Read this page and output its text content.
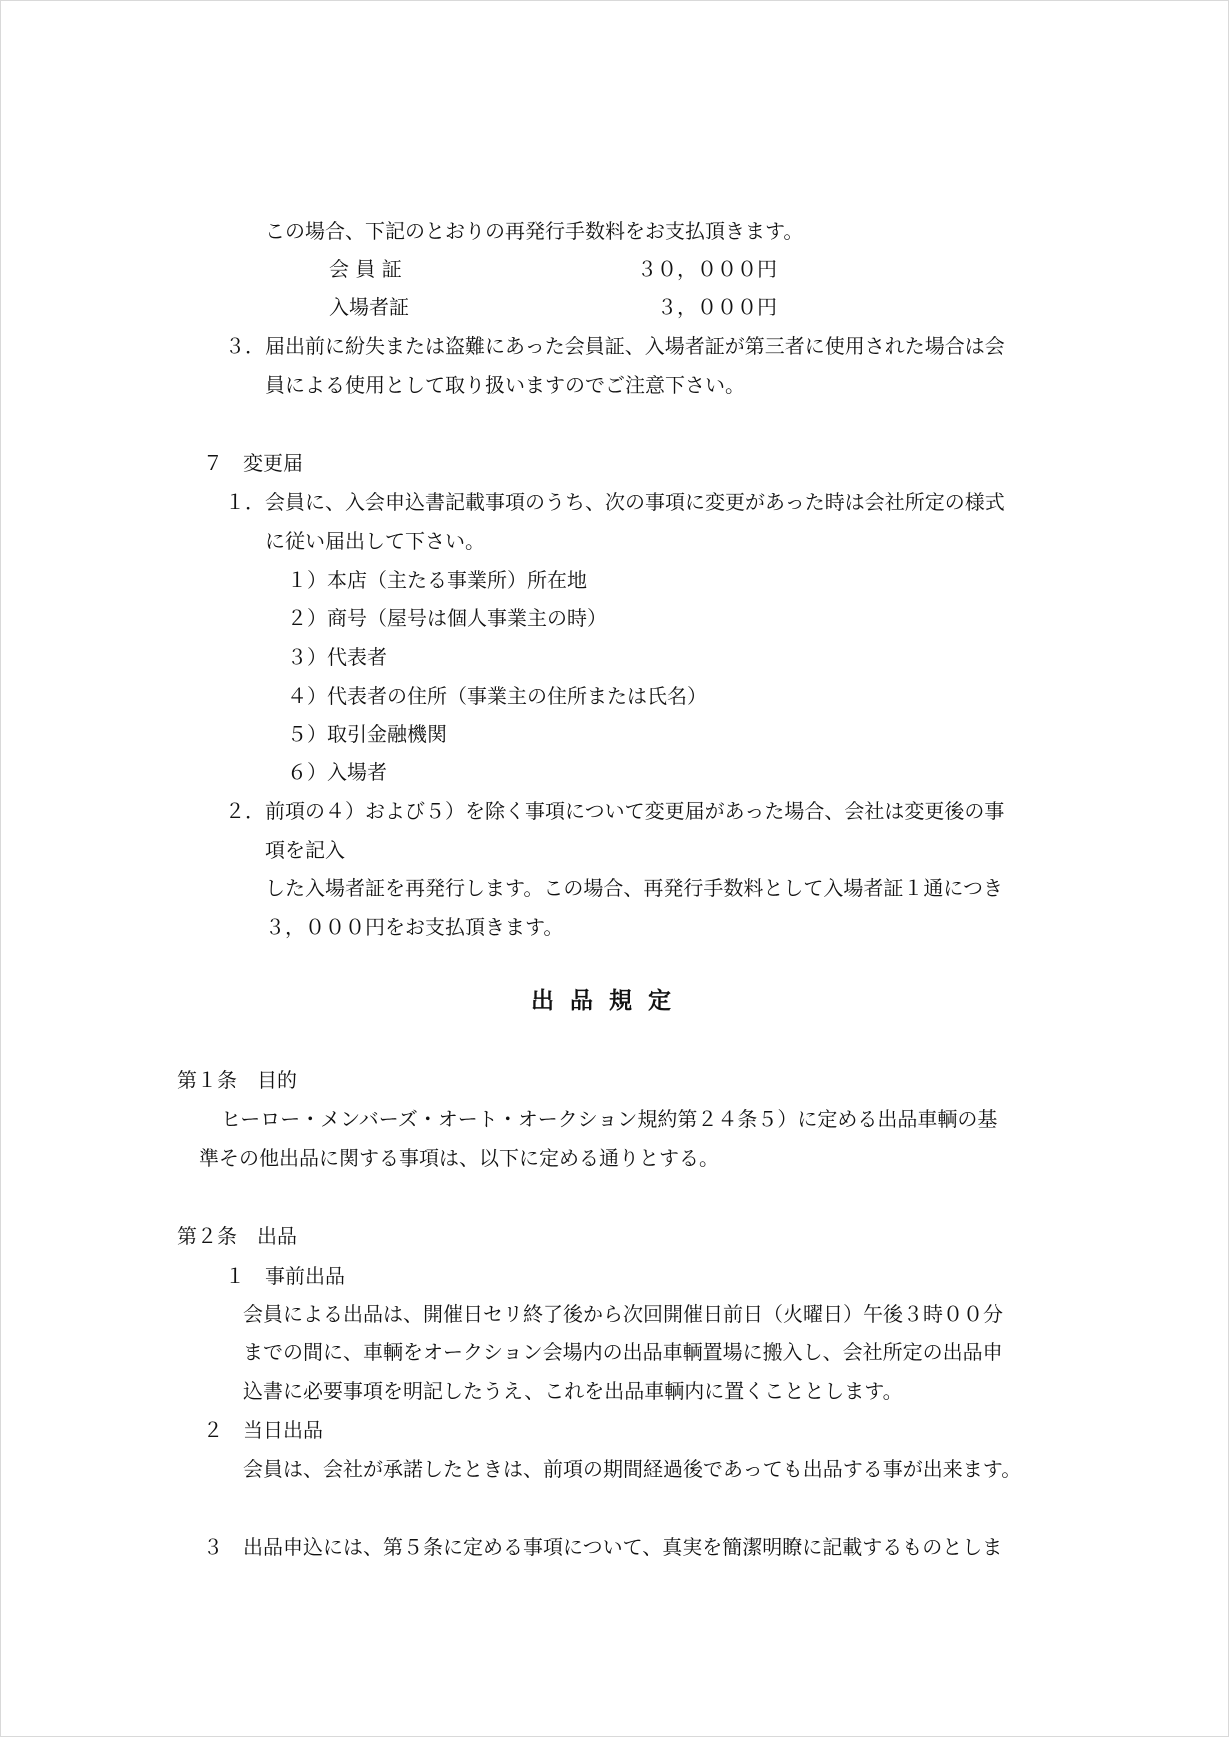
この場合、下記のとおりの再発行手数料をお支払頂きます。
会 員 証	３０，０００円
入場者証	３，０００円
３．届出前に紛失または盗難にあった会員証、入場者証が第三者に使用された場合は会
員による使用として取り扱いますのでご注意下さい。
７　変更届
１．会員に、入会申込書記載事項のうち、次の事項に変更があった時は会社所定の様式
に従い届出して下さい。
１）本店（主たる事業所）所在地
２）商号（屋号は個人事業主の時）
３）代表者
４）代表者の住所（事業主の住所または氏名）
５）取引金融機関
６）入場者
２．前項の４）および５）を除く事項について変更届があった場合、会社は変更後の事
項を記入
した入場者証を再発行します。この場合、再発行手数料として入場者証１通につき
３，０００円をお支払頂きます。
出品規定
第１条　目的
ヒーロー・メンバーズ・オート・オークション規約第２４条５）に定める出品車輌の基
準その他出品に関する事項は、以下に定める通りとする。
第２条　出品
１　事前出品
会員による出品は、開催日セリ終了後から次回開催日前日（火曜日）午後３時００分
までの間に、車輌をオークション会場内の出品車輌置場に搬入し、会社所定の出品申
込書に必要事項を明記したうえ、これを出品車輌内に置くこととします。
２　当日出品
会員は、会社が承諾したときは、前項の期間経過後であっても出品する事が出来ます。
３　出品申込には、第５条に定める事項について、真実を簡潔明瞭に記載するものとしま
